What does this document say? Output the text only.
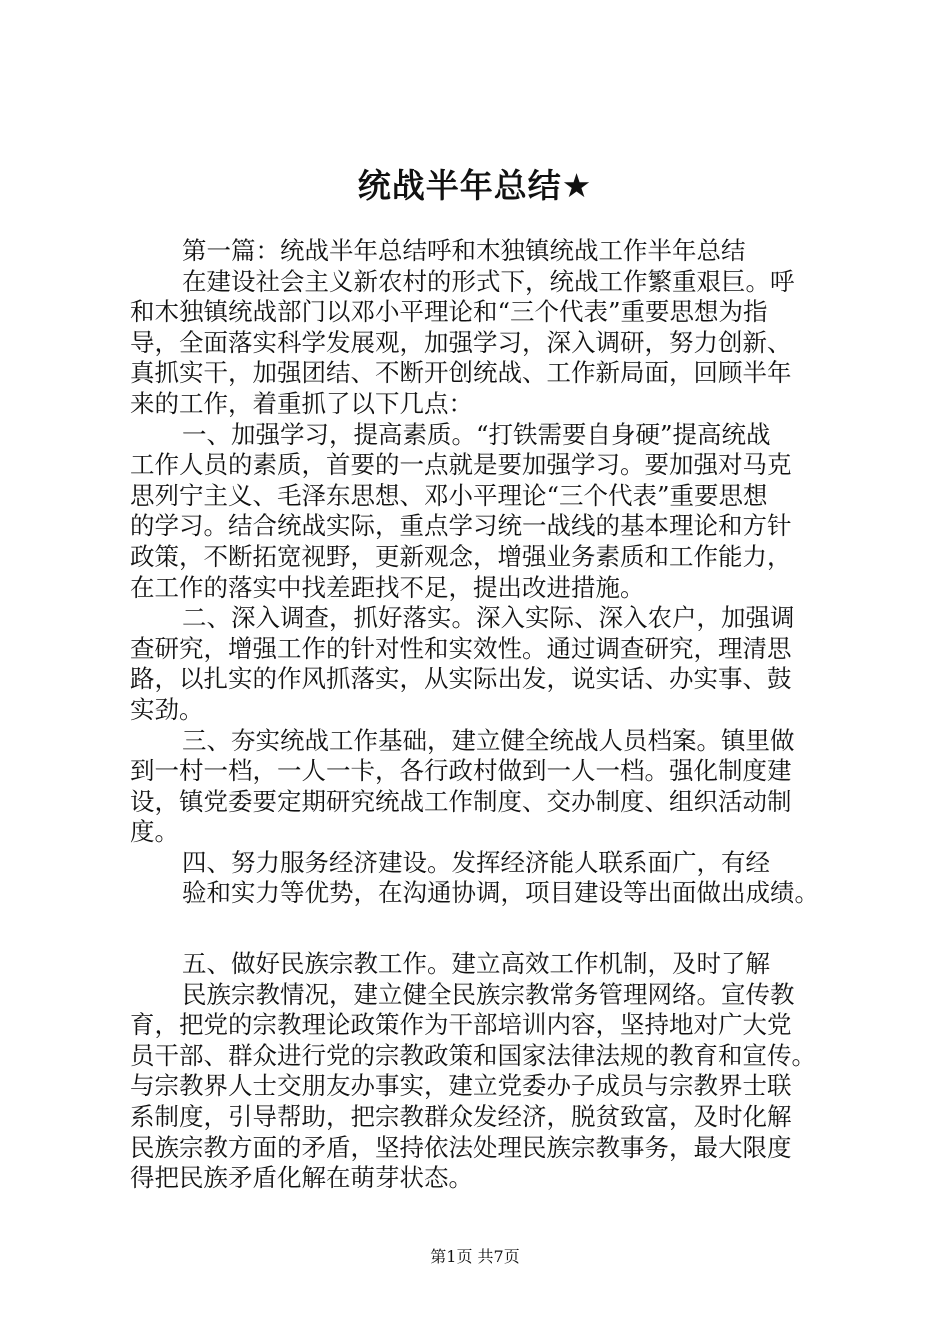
统战半年总结★
第一篇：统战半年总结呼和木独镇统战工作半年总结
在建设社会主义新农村的形式下，统战工作繁重艰巨。呼
和木独镇统战部门以邓小平理论和“三个代表”重要思想为指
导，全面落实科学发展观，加强学习，深入调研，努力创新、
真抓实干，加强团结、不断开创统战、工作新局面，回顾半年
来的工作，着重抓了以下几点：
一、加强学习，提高素质。“打铁需要自身硬”提高统战
工作人员的素质，首要的一点就是要加强学习。要加强对马克
思列宁主义、毛泽东思想、邓小平理论“三个代表”重要思想
的学习。结合统战实际，重点学习统一战线的基本理论和方针
政策，不断拓宽视野，更新观念，增强业务素质和工作能力，
在工作的落实中找差距找不足，提出改进措施。
二、深入调查，抓好落实。深入实际、深入农户，加强调
查研究，增强工作的针对性和实效性。通过调查研究，理清思
路，以扎实的作风抓落实，从实际出发，说实话、办实事、鼓
实劲。
三、夯实统战工作基础，建立健全统战人员档案。镇里做
到一村一档，一人一卡，各行政村做到一人一档。强化制度建
设，镇党委要定期研究统战工作制度、交办制度、组织活动制
度。
四、努力服务经济建设。发挥经济能人联系面广，有经
验和实力等优势，在沟通协调，项目建设等出面做出成绩。
五、做好民族宗教工作。建立高效工作机制，及时了解
民族宗教情况，建立健全民族宗教常务管理网络。宣传教
育，把党的宗教理论政策作为干部培训内容，坚持地对广大党
员干部、群众进行党的宗教政策和国家法律法规的教育和宣传。
与宗教界人士交朋友办事实，建立党委办子成员与宗教界士联
系制度，引导帮助，把宗教群众发经济，脱贫致富，及时化解
民族宗教方面的矛盾，坚持依法处理民族宗教事务，最大限度
得把民族矛盾化解在萌芽状态。
第1页 共7页
